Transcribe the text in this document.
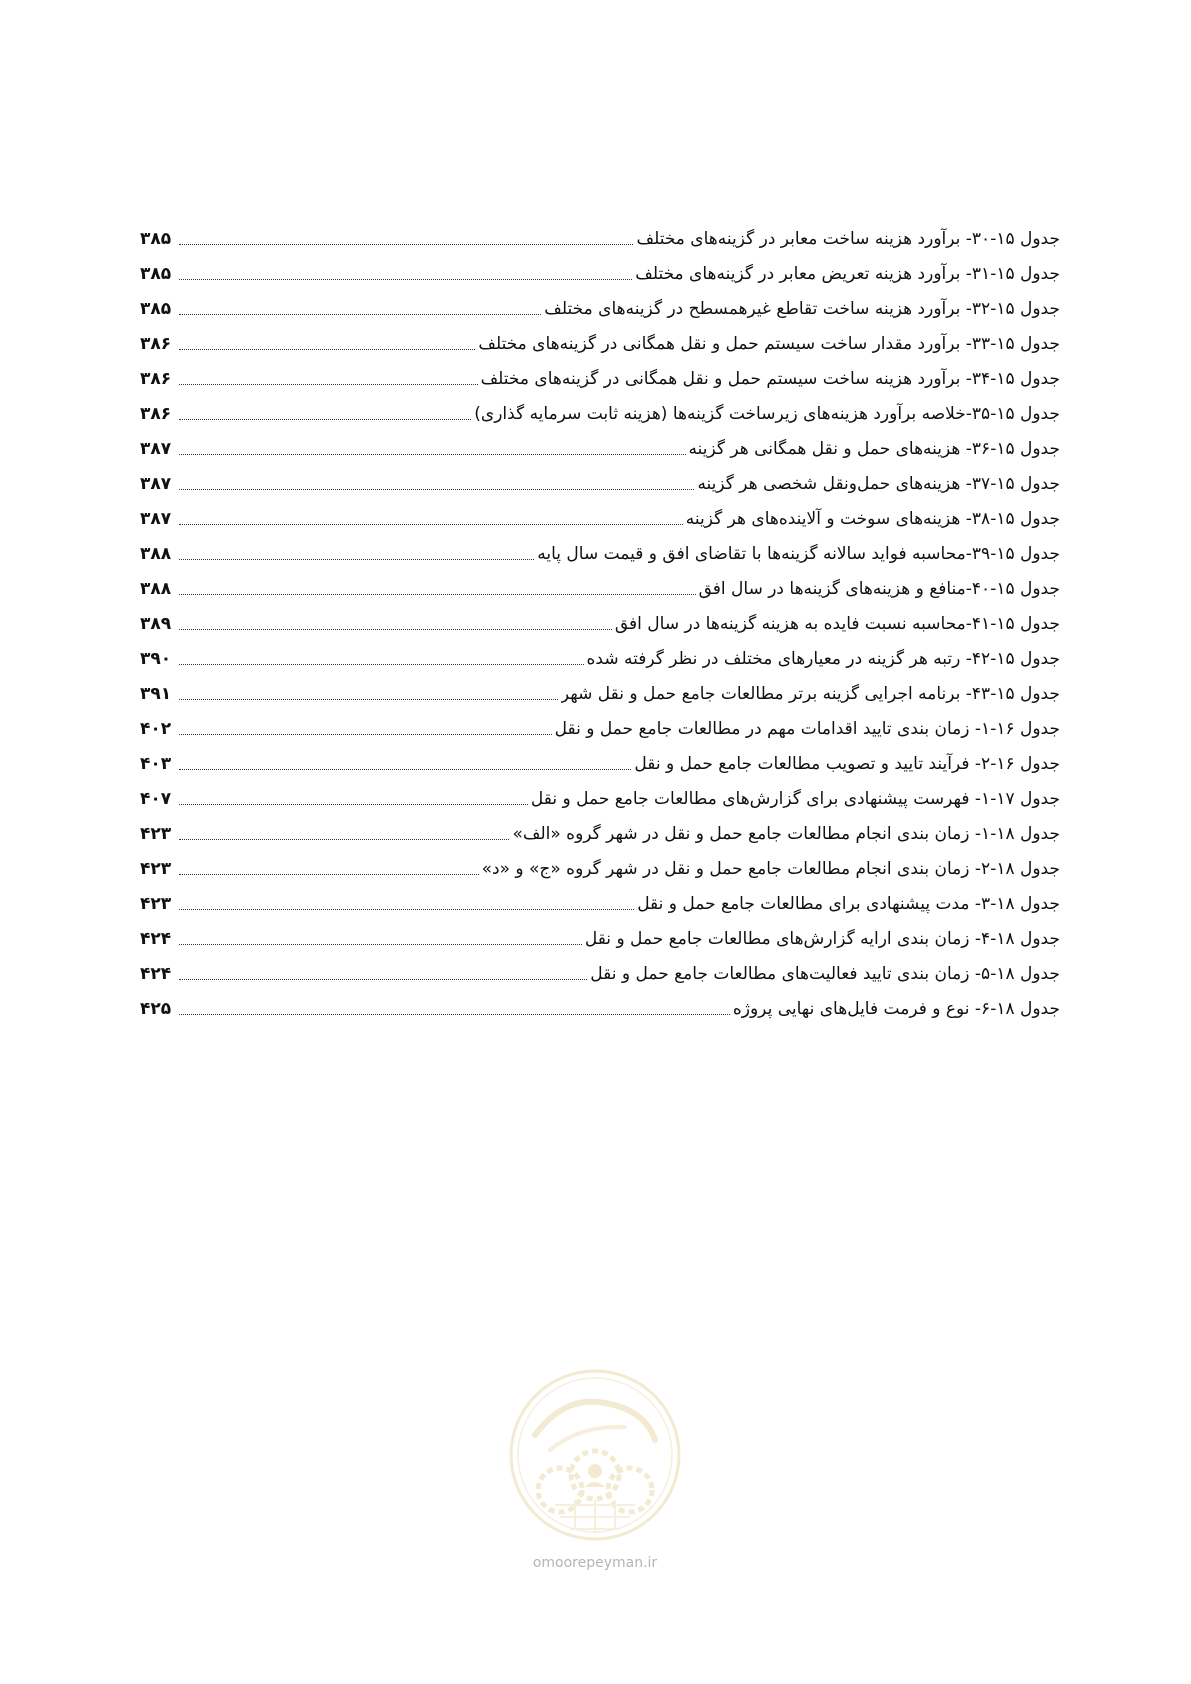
جدول ۱۵-۳۰- برآورد هزینه ساخت معابر در گزینه‌های مختلف
۳۸۵
جدول ۱۵-۳۱- برآورد هزینه تعریض معابر در گزینه‌های مختلف
۳۸۵
جدول ۱۵-۳۲- برآورد هزینه ساخت تقاطع غیرهمسطح در گزینه‌های مختلف
۳۸۵
جدول ۱۵-۳۳- برآورد مقدار ساخت سیستم حمل و نقل همگانی در گزینه‌های مختلف
۳۸۶
جدول ۱۵-۳۴- برآورد هزینه ساخت سیستم حمل و نقل همگانی در گزینه‌های مختلف
۳۸۶
جدول ۱۵-۳۵-خلاصه برآورد هزینه‌های زیرساخت گزینه‌ها (هزینه ثابت سرمایه گذاری)
۳۸۶
جدول ۱۵-۳۶- هزینه‌های حمل و نقل همگانی هر گزینه
۳۸۷
جدول ۱۵-۳۷- هزینه‌های حمل‌ونقل شخصی هر گزینه
۳۸۷
جدول ۱۵-۳۸- هزینه‌های سوخت و آلاینده‌های هر گزینه
۳۸۷
جدول ۱۵-۳۹-محاسبه فواید سالانه گزینه‌ها با تقاضای افق و قیمت سال پایه
۳۸۸
جدول ۱۵-۴۰-منافع و هزینه‌های گزینه‌ها در سال افق
۳۸۸
جدول ۱۵-۴۱-محاسبه نسبت فایده به هزینه گزینه‌ها در سال افق
۳۸۹
جدول ۱۵-۴۲- رتبه هر گزینه در معیارهای مختلف در نظر گرفته شده
۳۹۰
جدول ۱۵-۴۳- برنامه اجرایی گزینه برتر مطالعات جامع حمل و نقل شهر
۳۹۱
جدول ۱۶-۱- زمان بندی تایید اقدامات مهم در مطالعات جامع حمل و نقل
۴۰۲
جدول ۱۶-۲- فرآیند تایید و تصویب مطالعات جامع حمل و نقل
۴۰۳
جدول ۱۷-۱- فهرست پیشنهادی برای گزارش‌های مطالعات جامع حمل و نقل
۴۰۷
جدول ۱۸-۱- زمان بندی انجام مطالعات جامع حمل و نقل در شهر گروه «الف»
۴۲۳
جدول ۱۸-۲- زمان بندی انجام مطالعات جامع حمل و نقل در شهر گروه «ج» و «د»
۴۲۳
جدول ۱۸-۳- مدت پیشنهادی برای مطالعات جامع حمل و نقل
۴۲۳
جدول ۱۸-۴- زمان بندی ارایه گزارش‌های مطالعات جامع حمل و نقل
۴۲۴
جدول ۱۸-۵- زمان بندی تایید فعالیت‌های مطالعات جامع حمل و نقل
۴۲۴
جدول ۱۸-۶- نوع و فرمت فایل‌های نهایی پروژه
۴۲۵
omoorepeyman.ir
